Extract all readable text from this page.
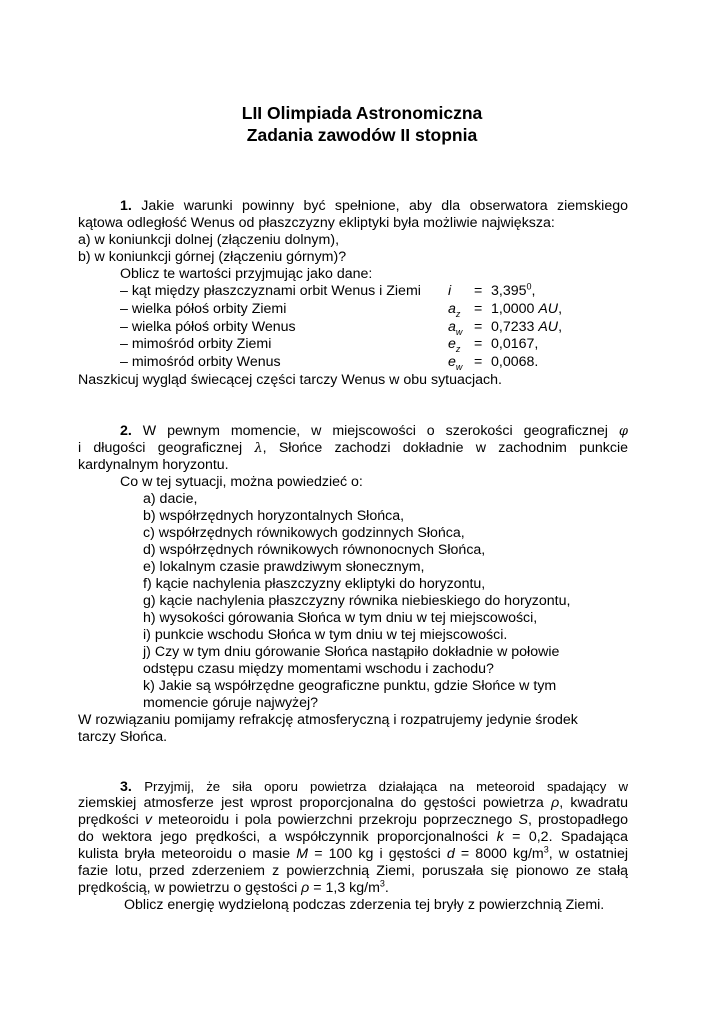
LII Olimpiada Astronomiczna
Zadania zawodów II stopnia
1. Jakie warunki powinny być spełnione, aby dla obserwatora ziemskiego
kątowa odległość Wenus od płaszczyzny ekliptyki była możliwie największa:
a) w koniunkcji dolnej (złączeniu dolnym),
b) w koniunkcji górnej (złączeniu górnym)?
Oblicz te wartości przyjmując jako dane:
– kąt między płaszczyznami orbit Wenus i Ziemi $i = 3,395^0$,
– wielka półoś orbity Ziemi	$a_z = 1,0000$ AU,
– wielka półoś orbity Wenus	$a_w = 0,7233$ AU,
– mimośród orbity Ziemi	$e_z = 0,0167$,
– mimośród orbity Wenus	$e_w = 0,0068$.
Naszkicuj wygląd świecącej części tarczy Wenus w obu sytuacjach.
2. W pewnym momencie, w miejscowości o szerokości geograficznej φ
i długości geograficznej λ, Słońce zachodzi dokładnie w zachodnim punkcie
kardynalnym horyzontu.
Co w tej sytuacji, można powiedzieć o:
a) dacie,
b) współrzędnych horyzontalnych Słońca,
c) współrzędnych równikowych godzinnych Słońca,
d) współrzędnych równikowych równonocnych Słońca,
e) lokalnym czasie prawdziwym słonecznym,
f) kącie nachylenia płaszczyzny ekliptyki do horyzontu,
g) kącie nachylenia płaszczyzny równika niebieskiego do horyzontu,
h) wysokości górowania Słońca w tym dniu w tej miejscowości,
i) punkcie wschodu Słońca w tym dniu w tej miejscowości.
j) Czy w tym dniu górowanie Słońca nastąpiło dokładnie w połowie
odstępu czasu między momentami wschodu i zachodu?
k) Jakie są współrzędne geograficzne punktu, gdzie Słońce w tym
momencie góruje najwyżej?
W rozwiązaniu pomijamy refrakcję atmosferyczną i rozpatrujemy jedynie środek
tarczy Słońca.
3. Przyjmij, że siła oporu powietrza działająca na meteoroid spadający w
ziemskiej atmosferze jest wprost proporcjonalna do gęstości powietrza ρ, kwadratu
prędkości v meteoroidu i pola powierzchni przekroju poprzecznego S, prostopadłego
do wektora jego prędkości, a współczynnik proporcjonalności k = 0,2. Spadająca
kulista bryła meteoroidu o masie M = 100 kg i gęstości d = 8000 $kg/m^3$, w ostatniej
fazie lotu, przed zderzeniem z powierzchnią Ziemi, poruszała się pionowo ze stałą
prędkością, w powietrzu o gęstości ρ = 1,3 $kg/m^3$.
Oblicz energię wydzieloną podczas zderzenia tej bryły z powierzchnią Ziemi.
